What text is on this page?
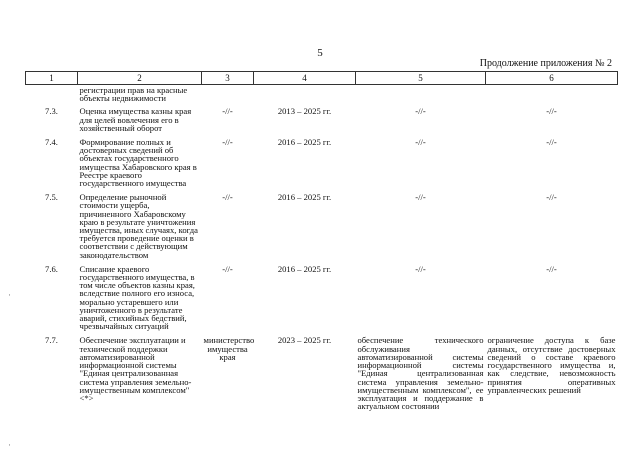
5
Продолжение приложения № 2
1	2	3	4	5	6
	регистрации прав на красные объекты недвижимости				
7.3.	Оценка имущества казны края для целей вовлечения его в хозяйственный оборот	-//-	2013 – 2025 гг.	-//-	-//-
7.4.	Формирование полных и достоверных сведений об объектах государственного имущества Хабаровского края в Реестре краевого государственного имущества	-//-	2016 – 2025 гг.	-//-	-//-
7.5.	Определение рыночной стоимости ущерба, причиненного Хабаровскому краю в результате уничтожения имущества, иных случаях, когда требуется проведение оценки в соответствии с действующим законодательством	-//-	2016 – 2025 гг.	-//-	-//-
7.6.	Списание краевого государственного имущества, в том числе объектов казны края, вследствие полного его износа, морально устаревшего или уничтоженного в результате аварий, стихийных бедствий, чрезвычайных ситуаций	-//-	2016 – 2025 гг.	-//-	-//-
7.7.	Обеспечение эксплуатации и технической поддержки автоматизированной информационной системы "Единая централизованная система управления земельно-имущественным комплексом" <*>	министерство имущества края	2023 – 2025 гг.	обеспечение технического обслуживания автоматизированной системы информационной системы "Единая централизованная система управления земельно-имущественным комплексом", ее эксплуатация и поддержание в актуальном состоянии	ограничение доступа к базе данных, отсутствие достоверных сведений о составе краевого государственного имущества и, как следствие, невозможность принятия оперативных управленческих решений
·
·
